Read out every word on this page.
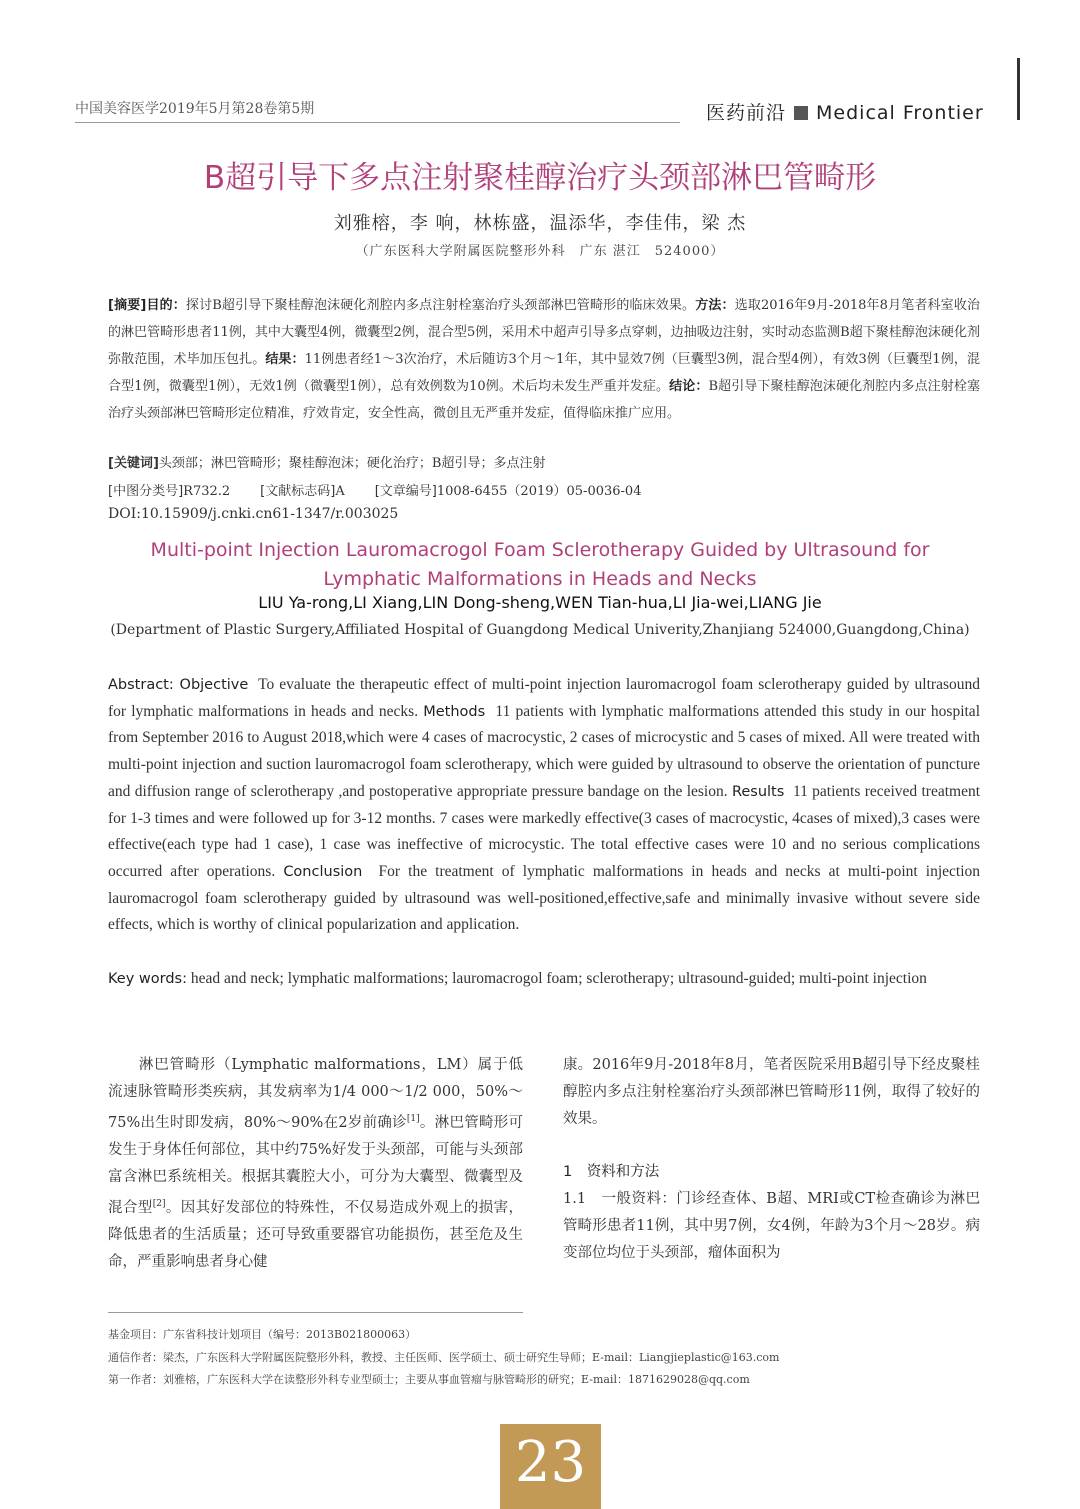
中国美容医学2019年5月第28卷第5期	医药前沿 Medical Frontier
B超引导下多点注射聚桂醇治疗头颈部淋巴管畸形
刘雅榕，李 响，林栋盛，温添华，李佳伟，梁 杰
（广东医科大学附属医院整形外科　广东 湛江　524000）
[摘要]目的：探讨B超引导下聚桂醇泡沫硬化剂腔内多点注射栓塞治疗头颈部淋巴管畸形的临床效果。方法：选取2016年9月-2018年8月笔者科室收治的淋巴管畸形患者11例，其中大囊型4例，微囊型2例，混合型5例，采用术中超声引导多点穿刺，边抽吸边注射，实时动态监测B超下聚桂醇泡沫硬化剂弥散范围，术毕加压包扎。结果：11例患者经1～3次治疗，术后随访3个月～1年，其中显效7例（巨囊型3例，混合型4例），有效3例（巨囊型1例，混合型1例，微囊型1例），无效1例（微囊型1例），总有效例数为10例。术后均未发生严重并发症。结论：B超引导下聚桂醇泡沫硬化剂腔内多点注射栓塞治疗头颈部淋巴管畸形定位精准，疗效肯定，安全性高，微创且无严重并发症，值得临床推广应用。
[关键词]头颈部；淋巴管畸形；聚桂醇泡沫；硬化治疗；B超引导；多点注射
[中图分类号]R732.2 [文献标志码]A [文章编号]1008-6455（2019）05-0036-04
DOI:10.15909/j.cnki.cn61-1347/r.003025
Multi-point Injection Lauromacrogol Foam Sclerotherapy Guided by Ultrasound for
Lymphatic Malformations in Heads and Necks
LIU Ya-rong,LI Xiang,LIN Dong-sheng,WEN Tian-hua,LI Jia-wei,LIANG Jie
(Department of Plastic Surgery,Affiliated Hospital of Guangdong Medical Univerity,Zhanjiang 524000,Guangdong,China)
Abstract: Objective To evaluate the therapeutic effect of multi-point injection lauromacrogol foam sclerotherapy guided by ultrasound for lymphatic malformations in heads and necks. Methods 11 patients with lymphatic malformations attended this study in our hospital from September 2016 to August 2018,which were 4 cases of macrocystic, 2 cases of microcystic and 5 cases of mixed. All were treated with multi-point injection and suction lauromacrogol foam sclerotherapy, which were guided by ultrasound to observe the orientation of puncture and diffusion range of sclerotherapy ,and postoperative appropriate pressure bandage on the lesion. Results 11 patients received treatment for 1-3 times and were followed up for 3-12 months. 7 cases were markedly effective(3 cases of macrocystic, 4cases of mixed),3 cases were effective(each type had 1 case), 1 case was ineffective of microcystic. The total effective cases were 10 and no serious complications occurred after operations. Conclusion For the treatment of lymphatic malformations in heads and necks at multi-point injection lauromacrogol foam sclerotherapy guided by ultrasound was well-positioned,effective,safe and minimally invasive without severe side effects, which is worthy of clinical popularization and application.
Key words: head and neck; lymphatic malformations; lauromacrogol foam; sclerotherapy; ultrasound-guided; multi-point injection
　　淋巴管畸形（Lymphatic malformations，LM）属于低流速脉管畸形类疾病，其发病率为1/4 000～1/2 000，50%～75%出生时即发病，80%～90%在2岁前确诊[1]。淋巴管畸形可发生于身体任何部位，其中约75%好发于头颈部，可能与头颈部富含淋巴系统相关。根据其囊腔大小，可分为大囊型、微囊型及混合型[2]。因其好发部位的特殊性，不仅易造成外观上的损害，降低患者的生活质量；还可导致重要器官功能损伤，甚至危及生命，严重影响患者身心健
康。2016年9月-2018年8月，笔者医院采用B超引导下经皮聚桂醇腔内多点注射栓塞治疗头颈部淋巴管畸形11例，取得了较好的效果。
1　资料和方法
1.1　一般资料：门诊经查体、B超、MRI或CT检查确诊为淋巴管畸形患者11例，其中男7例，女4例，年龄为3个月～28岁。病变部位均位于头颈部，瘤体面积为
基金项目：广东省科技计划项目（编号：2013B021800063）
通信作者：梁杰，广东医科大学附属医院整形外科，教授、主任医师、医学硕士、硕士研究生导师；E-mail：Liangjieplastic@163.com
第一作者：刘雅榕，广东医科大学在读整形外科专业型硕士；主要从事血管瘤与脉管畸形的研究；E-mail：1871629028@qq.com
23
